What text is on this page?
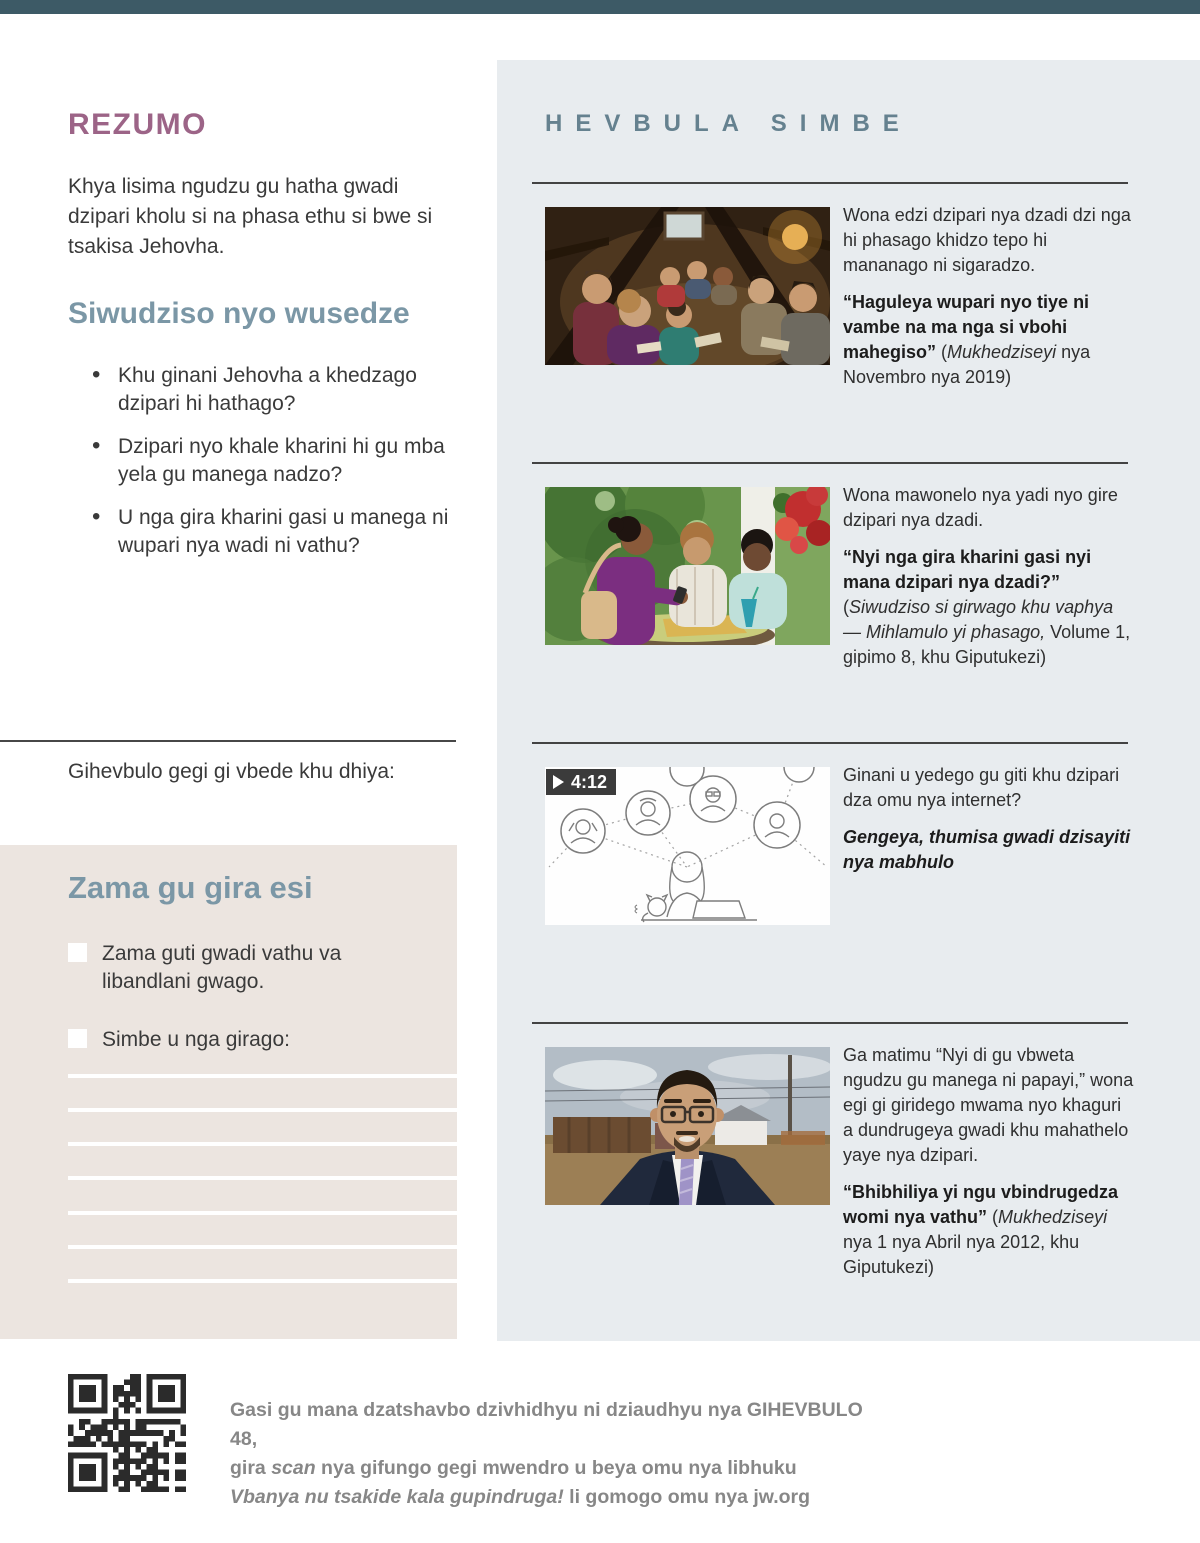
REZUMO
Khya lisima ngudzu gu hatha gwadi dzipari kholu si na phasa ethu si bwe si tsakisa Jehovha.
Siwudziso nyo wusedze
• Khu ginani Jehovha a khedzago dzipari hi hathago?
• Dzipari nyo khale kharini hi gu mba yela gu manega nadzo?
• U nga gira kharini gasi u manega ni wupari nya wadi ni vathu?
Gihevbulo gegi gi vbede khu dhiya:
Zama gu gira esi
Zama guti gwadi vathu va libandlani gwago.
Simbe u nga girago:
HEVBULA SIMBE

Wona edzi dzipari nya dzadi dzi nga hi phasago khidzo tepo hi mananago ni sigaradzo.

“Haguleya wupari nyo tiye ni vambe na ma nga si vbohi mahegiso” (Mukhedziseyi nya Novembro nya 2019)

Wona mawonelo nya yadi nyo gire dzipari nya dzadi.

“Nyi nga gira kharini gasi nyi mana dzipari nya dzadi?” (Siwudziso si girwago khu vaphya — Mihlamulo yi phasago, Volume 1, gipimo 8, khu Giputukezi)

4:12	Ginani u yedego gu giti khu dzipari dza omu nya internet?

Gengeya, thumisa gwadi dzisayiti nya mabhulo

Ga matimu “Nyi di gu vbweta ngudzu gu manega ni papayi,” wona egi gi giridego mwama nyo khaguri a dundrugeya gwadi khu mahathelo yaye nya dzipari.

“Bhibhiliya yi ngu vbindrugedza womi nya vathu” (Mukhedziseyi nya 1 nya Abril nya 2012, khu Giputukezi)

Gasi gu mana dzatshavbo dzivhidhyu ni dziaudhyu nya GIHEVBULO 48,
gira scan nya gifungo gegi mwendro u beya omu nya libhuku
Vbanya nu tsakide kala gupindruga! li gomogo omu nya jw.org
